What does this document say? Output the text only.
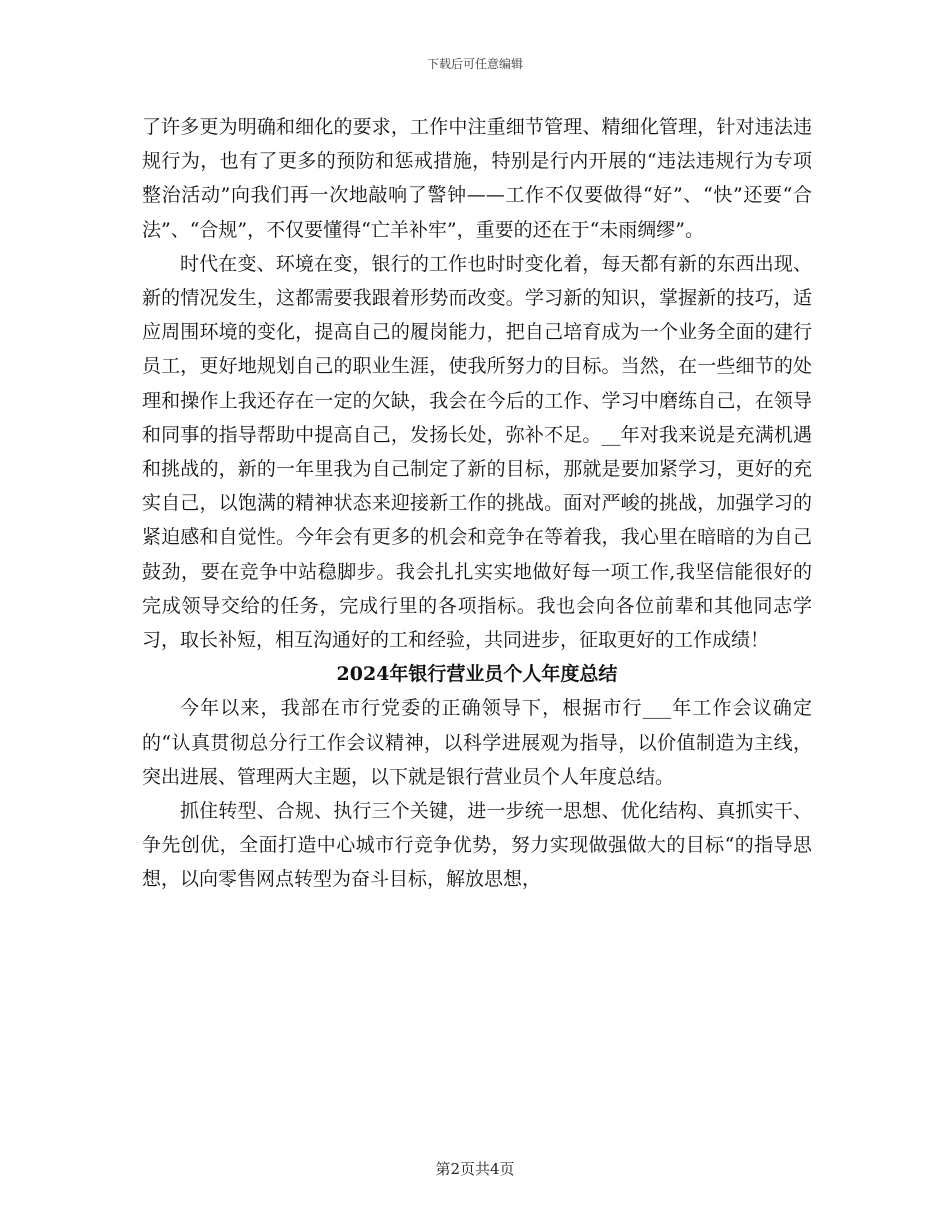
下载后可任意编辑

了许多更为明确和细化的要求，工作中注重细节管理、精细化管理，针对违法违规行为，也有了更多的预防和惩戒措施，特别是行内开展的“违法违规行为专项整治活动”向我们再一次地敲响了警钟——工作不仅要做得“好”、“快”还要“合法”、“合规”，不仅要懂得“亡羊补牢”，重要的还在于“未雨绸缪”。

时代在变、环境在变，银行的工作也时时变化着，每天都有新的东西出现、新的情况发生，这都需要我跟着形势而改变。学习新的知识，掌握新的技巧，适应周围环境的变化，提高自己的履岗能力，把自己培育成为一个业务全面的建行员工，更好地规划自己的职业生涯，使我所努力的目标。当然，在一些细节的处理和操作上我还存在一定的欠缺，我会在今后的工作、学习中磨练自己，在领导和同事的指导帮助中提高自己，发扬长处，弥补不足。__年对我来说是充满机遇和挑战的，新的一年里我为自己制定了新的目标，那就是要加紧学习，更好的充实自己，以饱满的精神状态来迎接新工作的挑战。面对严峻的挑战，加强学习的紧迫感和自觉性。今年会有更多的机会和竞争在等着我，我心里在暗暗的为自己鼓劲，要在竞争中站稳脚步。我会扎扎实实地做好每一项工作,我坚信能很好的完成领导交给的任务，完成行里的各项指标。我也会向各位前辈和其他同志学习，取长补短，相互沟通好的工和经验，共同进步，征取更好的工作成绩！

2024年银行营业员个人年度总结

今年以来，我部在市行党委的正确领导下，根据市行___年工作会议确定的“认真贯彻总分行工作会议精神，以科学进展观为指导，以价值制造为主线，突出进展、管理两大主题，以下就是银行营业员个人年度总结。

抓住转型、合规、执行三个关键，进一步统一思想、优化结构、真抓实干、争先创优，全面打造中心城市行竞争优势，努力实现做强做大的目标“的指导思想，以向零售网点转型为奋斗目标，解放思想，

第2页共4页
